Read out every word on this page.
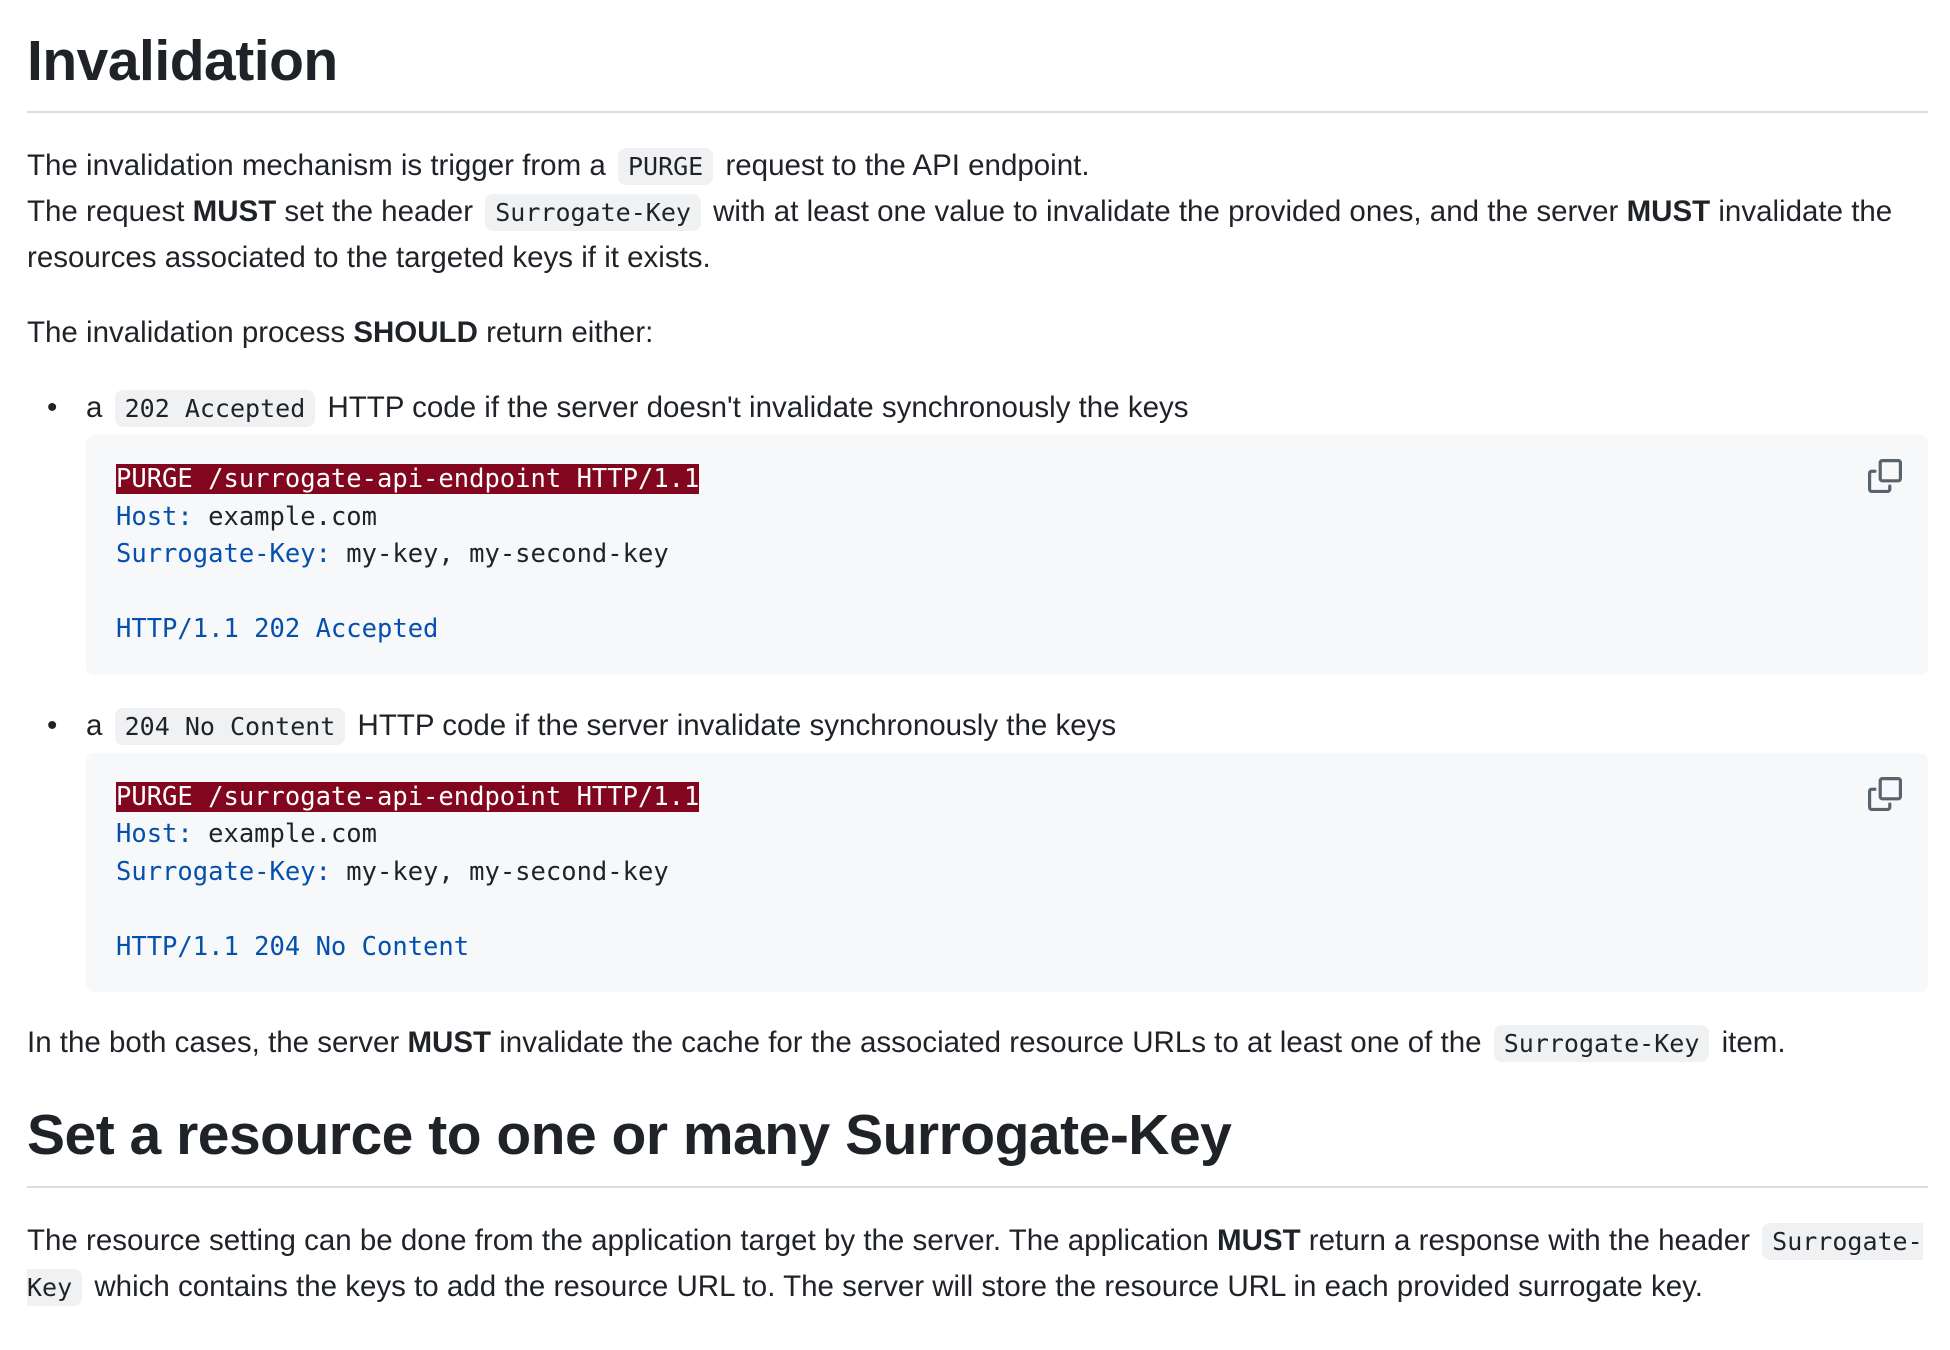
Invalidation

The invalidation mechanism is trigger from a PURGE request to the API endpoint.

The request MUST set the header Surrogate-Key with at least one value to invalidate the provided ones, and the server MUST invalidate the resources associated to the targeted keys if it exists.

The invalidation process SHOULD return either:

• a 202 Accepted HTTP code if the server doesn't invalidate synchronously the keys

PURGE /surrogate-api-endpoint HTTP/1.1
Host: example.com
Surrogate-Key: my-key, my-second-key
HTTP/1.1 202 Accepted
• a 204 No Content HTTP code if the server invalidate synchronously the keys

PURGE /surrogate-api-endpoint HTTP/1.1
Host: example.com
Surrogate-Key: my-key, my-second-key
HTTP/1.1 204 No Content

In the both cases, the server MUST invalidate the cache for the associated resource URLs to at least one of the Surrogate-Key item.

Set a resource to one or many Surrogate-Key

The resource setting can be done from the application target by the server. The application MUST return a response with the header Surrogate-Key which contains the keys to add the resource URL to. The server will store the resource URL in each provided surrogate key.
